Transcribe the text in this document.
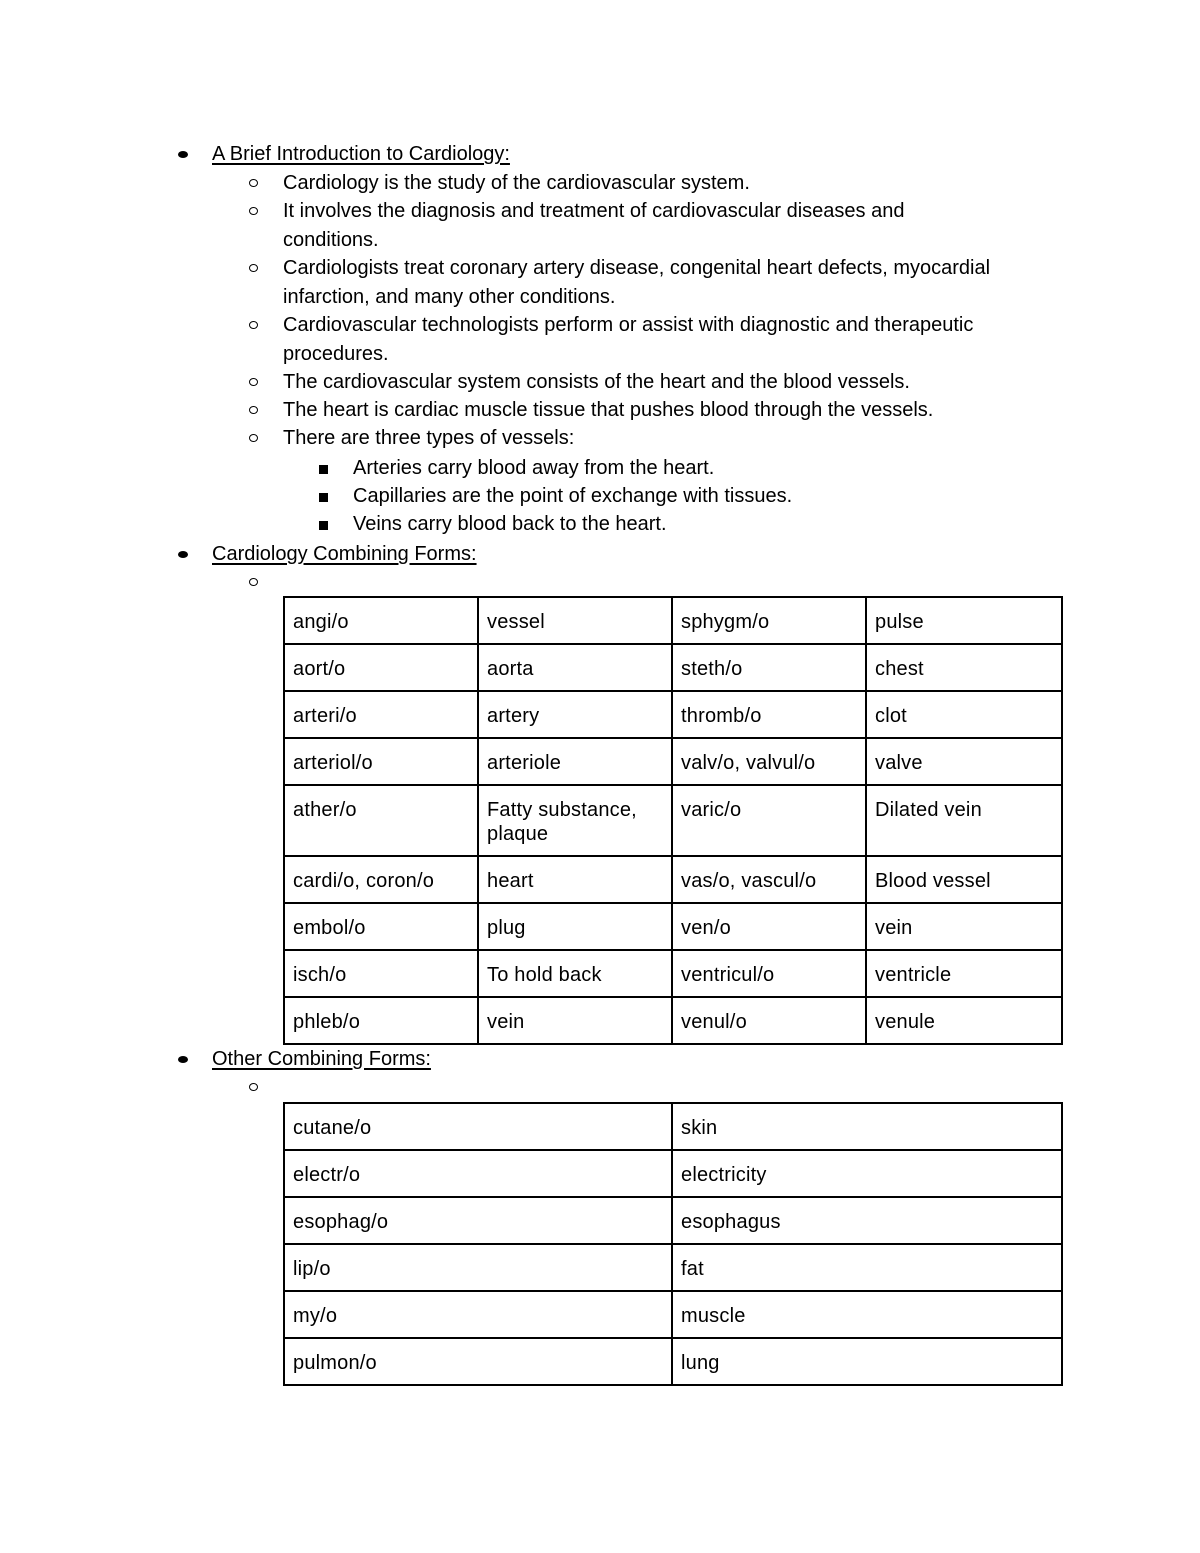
A Brief Introduction to Cardiology:
Cardiology is the study of the cardiovascular system.
It involves the diagnosis and treatment of cardiovascular diseases and conditions.
Cardiologists treat coronary artery disease, congenital heart defects, myocardial infarction, and many other conditions.
Cardiovascular technologists perform or assist with diagnostic and therapeutic procedures.
The cardiovascular system consists of the heart and the blood vessels.
The heart is cardiac muscle tissue that pushes blood through the vessels.
There are three types of vessels:
Arteries carry blood away from the heart.
Capillaries are the point of exchange with tissues.
Veins carry blood back to the heart.
Cardiology Combining Forms:
angi/o	vessel	sphygm/o	pulse
aort/o	aorta	steth/o	chest
arteri/o	artery	thromb/o	clot
arteriol/o	arteriole	valv/o, valvul/o	valve
ather/o	Fatty substance, plaque	varic/o	Dilated vein
cardi/o, coron/o	heart	vas/o, vascul/o	Blood vessel
embol/o	plug	ven/o	vein
isch/o	To hold back	ventricul/o	ventricle
phleb/o	vein	venul/o	venule
Other Combining Forms:
cutane/o	skin
electr/o	electricity
esophag/o	esophagus
lip/o	fat
my/o	muscle
pulmon/o	lung
